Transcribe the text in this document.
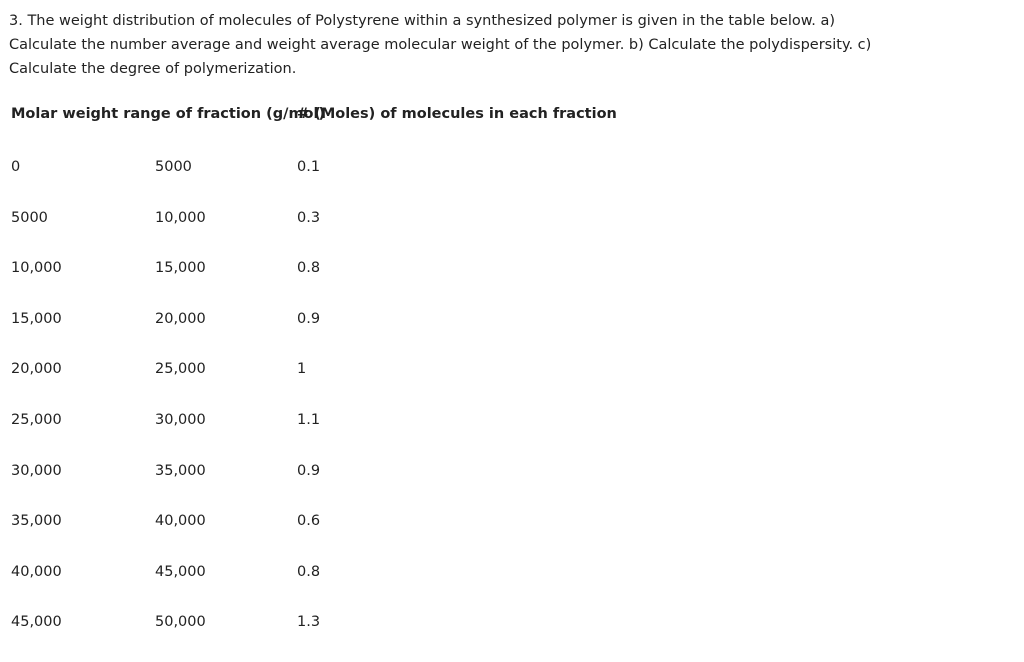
3. The weight distribution of molecules of Polystyrene within a synthesized polymer is given in the table below. a)
Calculate the number average and weight average molecular weight of the polymer. b) Calculate the polydispersity. c)
Calculate the degree of polymerization.
Molar weight range of fraction (g/mol)
# (Moles) of molecules in each fraction
0	5000	0.1
5000	10,000	0.3
10,000	15,000	0.8
15,000	20,000	0.9
20,000	25,000	1
25,000	30,000	1.1
30,000	35,000	0.9
35,000	40,000	0.6
40,000	45,000	0.8
45,000	50,000	1.3
